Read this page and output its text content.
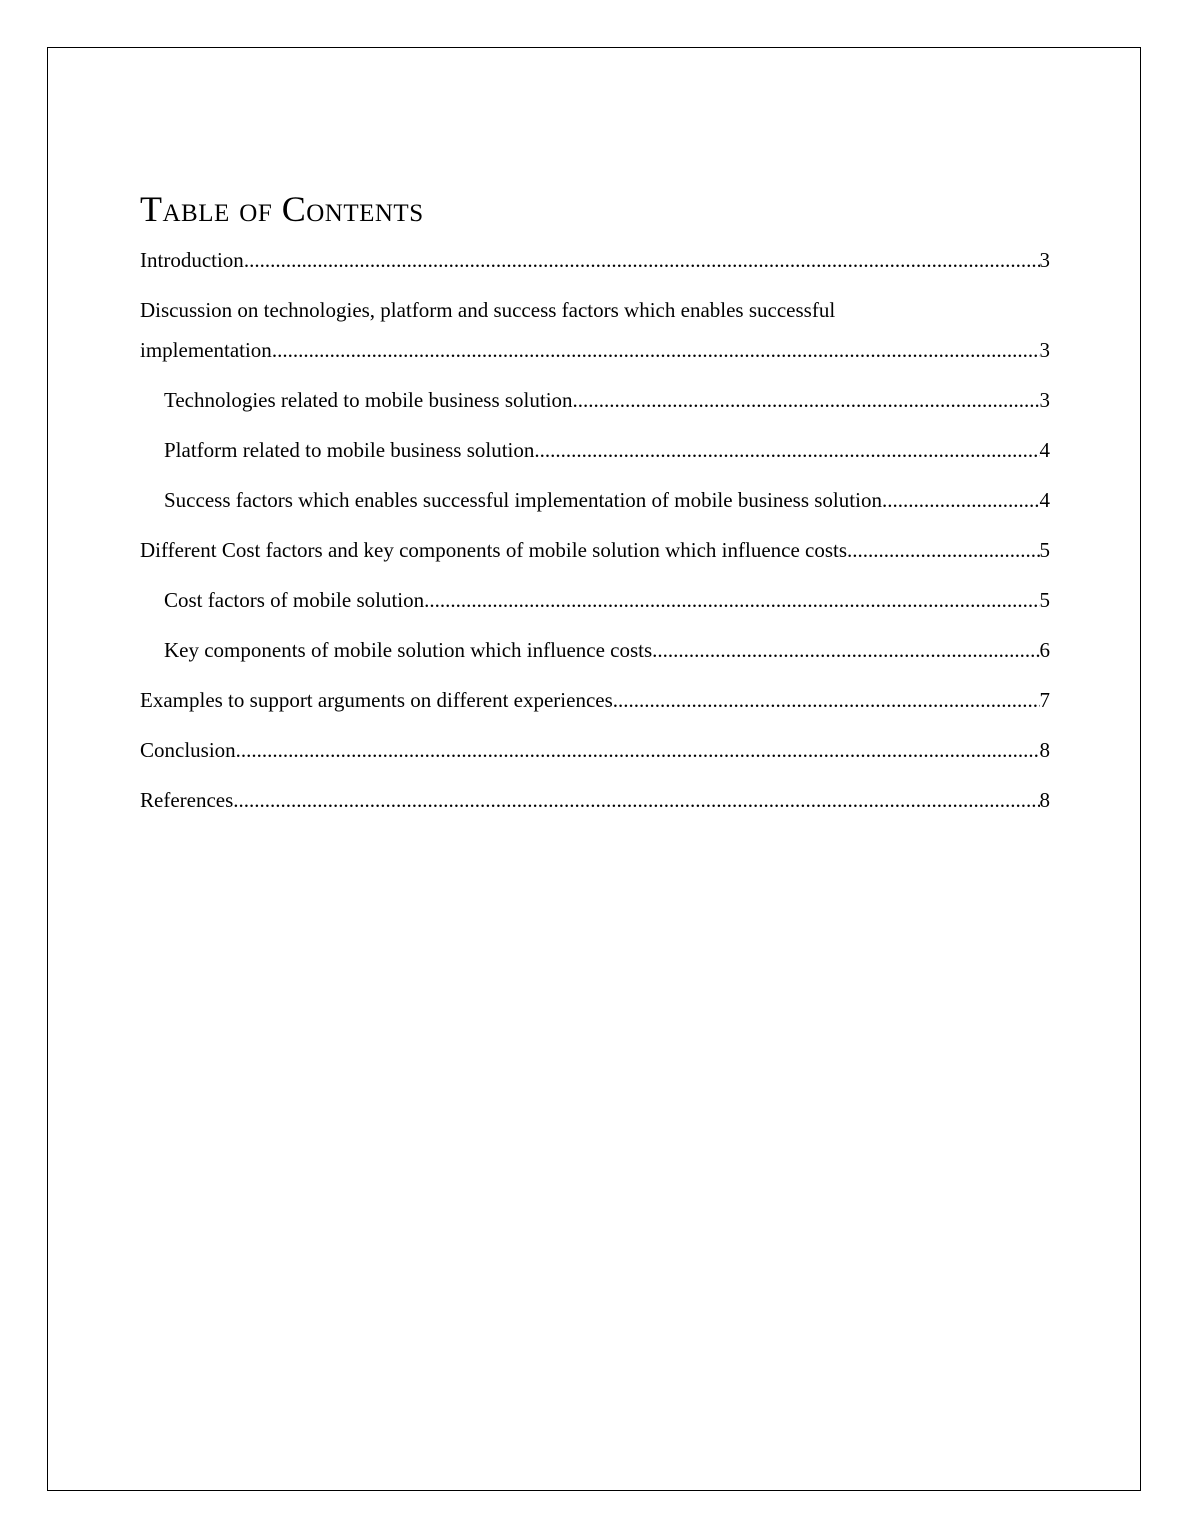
Table of Contents
Introduction .....	3
Discussion on technologies, platform and success factors which enables successful
implementation .....	3
Technologies related to mobile business solution .....	3
Platform related to mobile business solution .....	4
Success factors which enables successful implementation of mobile business solution .....	4
Different Cost factors and key components of mobile solution which influence costs .....	5
Cost factors of mobile solution .....	5
Key components of mobile solution which influence costs .....	6
Examples to support arguments on different experiences .....	7
Conclusion .....	8
References .....	8
